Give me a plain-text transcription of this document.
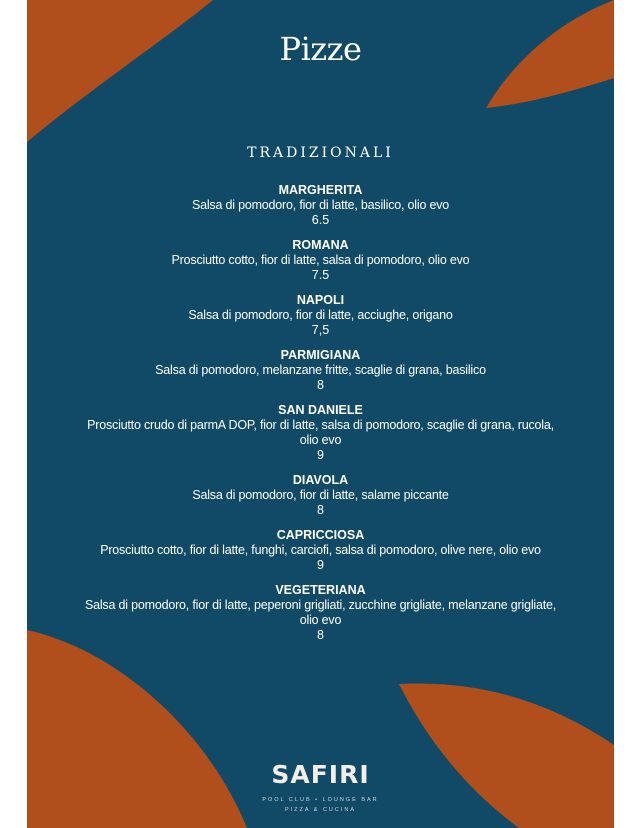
Pizze
TRADIZIONALI
MARGHERITA
Salsa di pomodoro, fior di latte, basilico, olio evo
6.5
ROMANA
Prosciutto cotto, fior di latte, salsa di pomodoro, olio evo
7.5
NAPOLI
Salsa di pomodoro, fior di latte, acciughe, origano
7,5
PARMIGIANA
Salsa di pomodoro, melanzane fritte, scaglie di grana, basilico
8
SAN DANIELE
Prosciutto crudo di parmA DOP, fior di latte, salsa di pomodoro, scaglie di grana, rucola, olio evo
9
DIAVOLA
Salsa di pomodoro, fior di latte, salame piccante
8
CAPRICCIOSA
Prosciutto cotto, fior di latte, funghi, carciofi, salsa di pomodoro, olive nere, olio evo
9
VEGETERIANA
Salsa di pomodoro, fior di latte, peperoni grigliati, zucchine grigliate, melanzane grigliate, olio evo
8
SAFIRI
POOL CLUB • LOUNGE BAR
PIZZA & CUCINA
